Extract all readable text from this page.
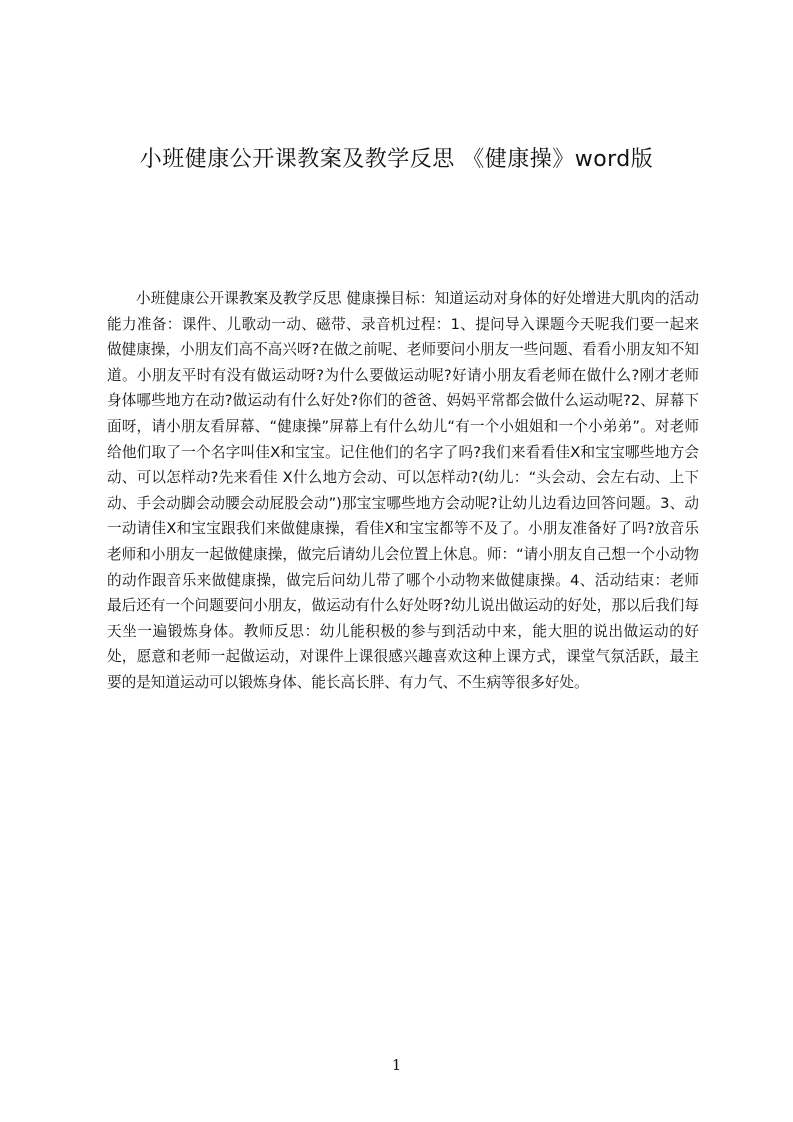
小班健康公开课教案及教学反思 《健康操》word版
小班健康公开课教案及教学反思 健康操目标：知道运动对身体的好处增进大肌肉的活动能力准备：课件、儿歌动一动、磁带、录音机过程：1、提问导入课题今天呢我们要一起来做健康操，小朋友们高不高兴呀?在做之前呢、老师要问小朋友一些问题、看看小朋友知不知道。小朋友平时有没有做运动呀?为什么要做运动呢?好请小朋友看老师在做什么?刚才老师身体哪些地方在动?做运动有什么好处?你们的爸爸、妈妈平常都会做什么运动呢?2、屏幕下面呀，请小朋友看屏幕、“健康操”屏幕上有什么幼儿“有一个小姐姐和一个小弟弟”。对老师给他们取了一个名字叫佳X和宝宝。记住他们的名字了吗?我们来看看佳X和宝宝哪些地方会动、可以怎样动?先来看佳 X什么地方会动、可以怎样动?(幼儿：“头会动、会左右动、上下动、手会动脚会动腰会动屁股会动”)那宝宝哪些地方会动呢?让幼儿边看边回答问题。3、动一动请佳X和宝宝跟我们来做健康操，看佳X和宝宝都等不及了。小朋友准备好了吗?放音乐老师和小朋友一起做健康操，做完后请幼儿会位置上休息。师：“请小朋友自己想一个小动物的动作跟音乐来做健康操，做完后问幼儿带了哪个小动物来做健康操。4、活动结束：老师最后还有一个问题要问小朋友，做运动有什么好处呀?幼儿说出做运动的好处，那以后我们每天坐一遍锻炼身体。教师反思：幼儿能积极的参与到活动中来，能大胆的说出做运动的好处，愿意和老师一起做运动，对课件上课很感兴趣喜欢这种上课方式，课堂气氛活跃，最主要的是知道运动可以锻炼身体、能长高长胖、有力气、不生病等很多好处。
1
